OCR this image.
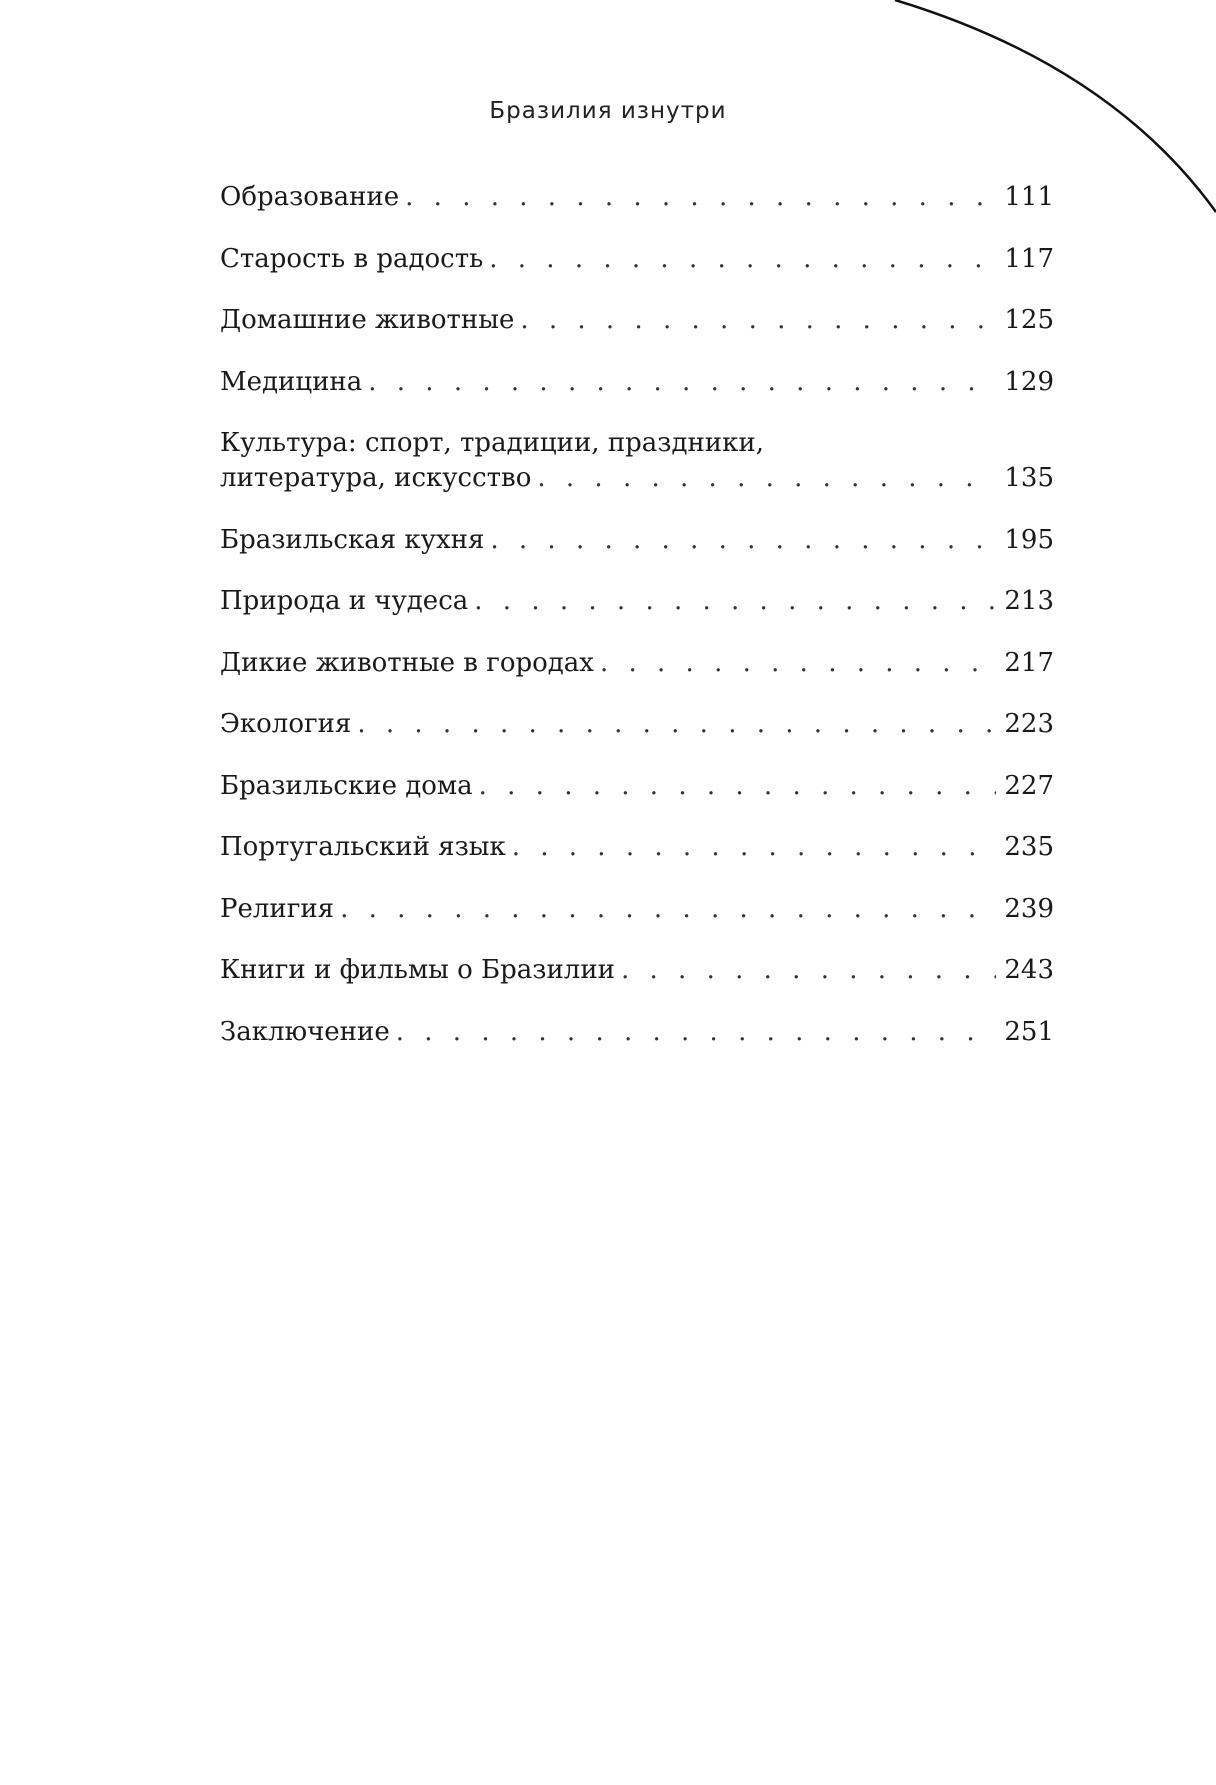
Бразилия изнутри
Образование . . .	111
Старость в радость . . .	117
Домашние животные . . .	125
Медицина . . .	129
Культура: спорт, традиции, праздники,
литература, искусство . . .	135
Бразильская кухня . . .	195
Природа и чудеса . . .	213
Дикие животные в городах . . .	217
Экология . . .	223
Бразильские дома . . .	227
Португальский язык . . .	235
Религия . . .	239
Книги и фильмы о Бразилии . . .	243
Заключение . . .	251
